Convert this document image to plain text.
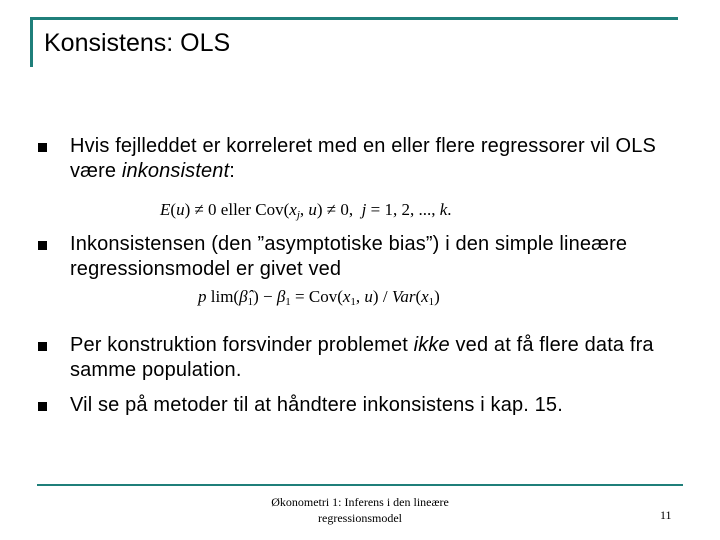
Konsistens: OLS
Hvis fejlleddet er korreleret med en eller flere regressorer vil OLS være inkonsistent:
E(u) ≠ 0 eller $Cov(x_j$, u) ≠ 0,  j = 1, 2, ..., k.
Inkonsistensen (den ”asymptotiske bias”) i den simple lineære regressionsmodel er givet ved
p $\lim(\betâ_1) - \beta_1 = Cov(x_1$, $u) / Var(x_1)$
Per konstruktion forsvinder problemet ikke ved at få flere data fra samme population.
Vil se på metoder til at håndtere inkonsistens i kap. 15.
Økonometri 1: Inferens i den lineære
regressionsmodel	11
